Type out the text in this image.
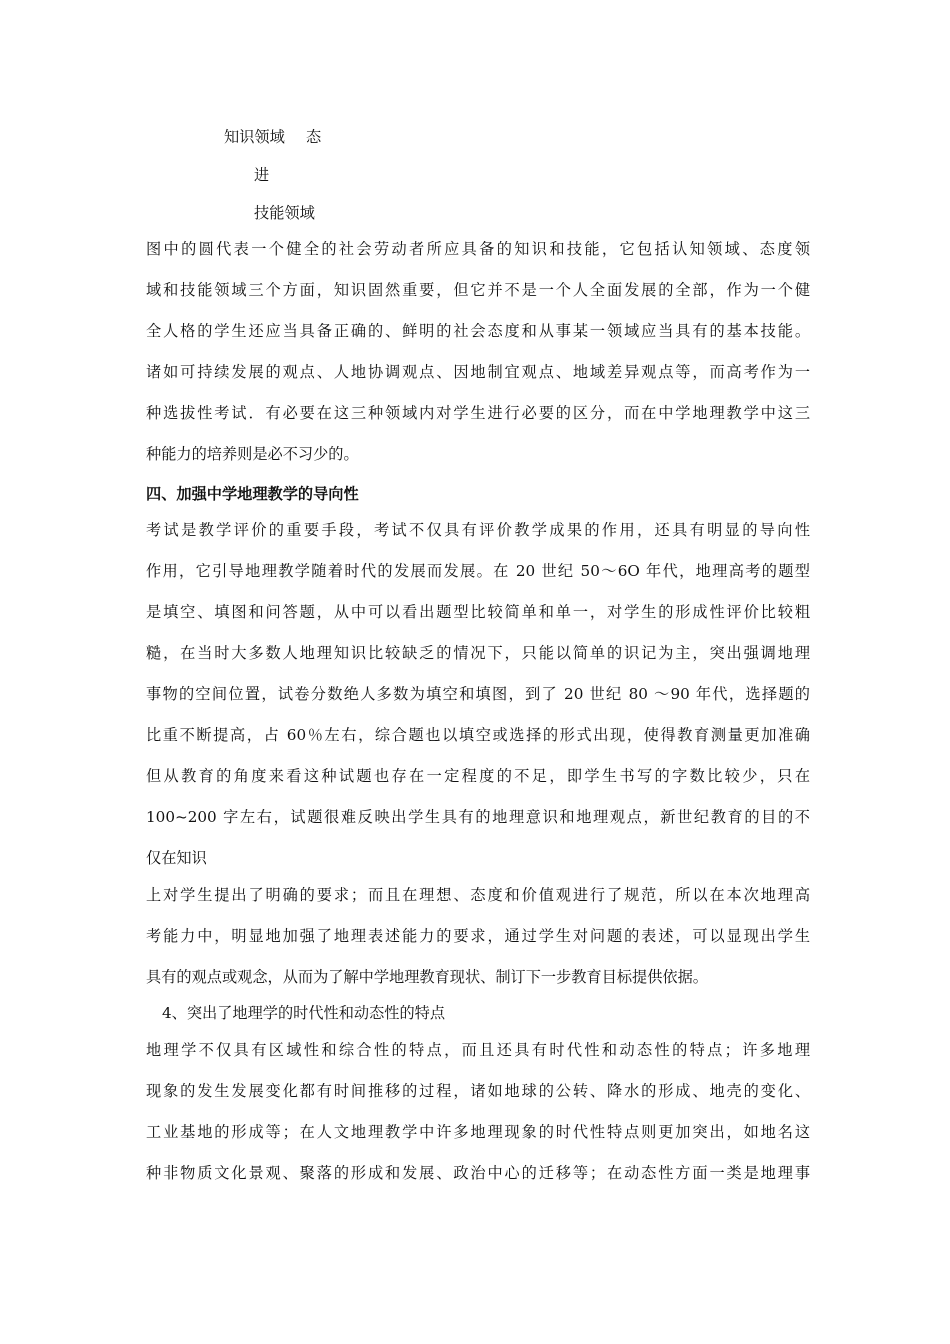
知识领域 态
进
技能领域
图中的圆代表一个健全的社会劳动者所应具备的知识和技能，它包括认知领域、态度领
域和技能领域三个方面，知识固然重要，但它并不是一个人全面发展的全部，作为一个健
全人格的学生还应当具备正确的、鲜明的社会态度和从事某一领域应当具有的基本技能。
诸如可持续发展的观点、人地协调观点、因地制宜观点、地域差异观点等，而高考作为一
种选拔性考试．有必要在这三种领域内对学生进行必要的区分，而在中学地理教学中这三
种能力的培养则是必不习少的。
四、加强中学地理教学的导向性
考试是教学评价的重要手段，考试不仅具有评价教学成果的作用，还具有明显的导向性
作用，它引导地理教学随着时代的发展而发展。在 20 世纪 50～6O 年代，地理高考的题型
是填空、填图和问答题，从中可以看出题型比较简单和单一，对学生的形成性评价比较粗
糙，在当时大多数人地理知识比较缺乏的情况下，只能以简单的识记为主，突出强调地理
事物的空间位置，试卷分数绝人多数为填空和填图，到了 20 世纪 80 ～90 年代，选择题的
比重不断提高，占 60％左右，综合题也以填空或选择的形式出现，使得教育测量更加准确
但从教育的角度来看这种试题也存在一定程度的不足，即学生书写的字数比较少，只在
100~200 字左右，试题很难反映出学生具有的地理意识和地理观点，新世纪教育的目的不
仅在知识
上对学生提出了明确的要求；而且在理想、态度和价值观进行了规范，所以在本次地理高
考能力中，明显地加强了地理表述能力的要求，通过学生对问题的表述，可以显现出学生
具有的观点或观念，从而为了解中学地理教育现状、制订下一步教育目标提供依据。
4、突出了地理学的时代性和动态性的特点
地理学不仅具有区域性和综合性的特点，而且还具有时代性和动态性的特点；许多地理
现象的发生发展变化都有时间推移的过程，诸如地球的公转、降水的形成、地壳的变化、
工业基地的形成等；在人文地理教学中许多地理现象的时代性特点则更加突出，如地名这
种非物质文化景观、聚落的形成和发展、政治中心的迁移等；在动态性方面一类是地理事
